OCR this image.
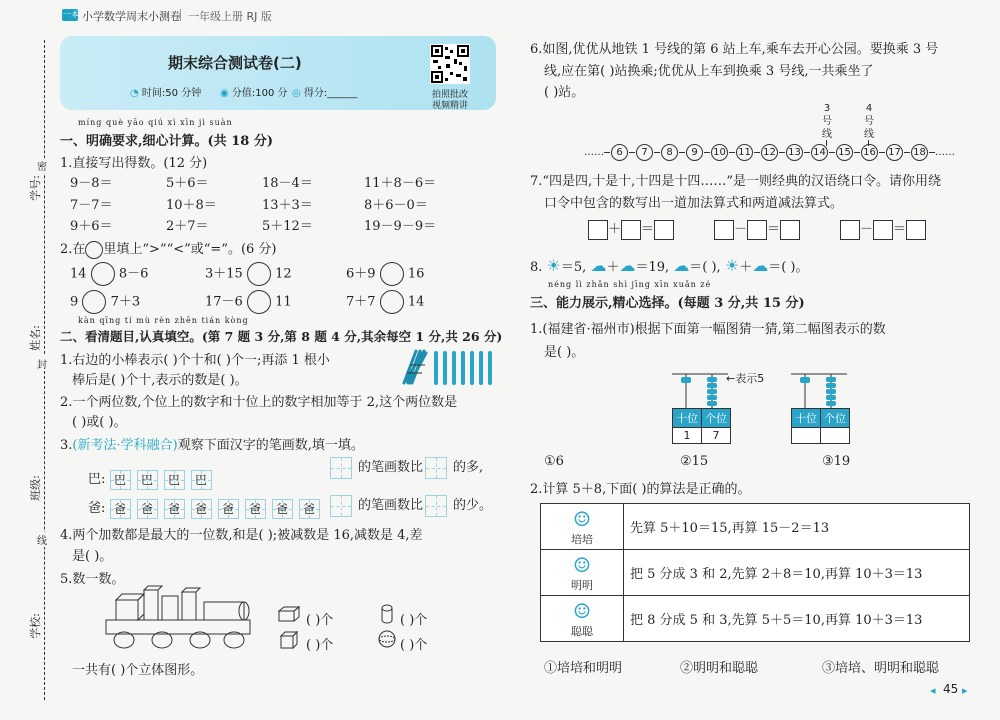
一本 小学数学周末小测卷 一年级上册 RJ 版
期末综合测试卷(二)
◔ 时间:50 分钟 ◉ 分值:100 分 ◎ 得分:______	拍照批改
视频精讲
学号:
姓名:
班级:
学校:
密
封
线
míng què yāo qiú xì xīn jì suàn
一、明确要求,细心计算。(共 18 分)
1.直接写出得数。(12 分)
9－8＝	5＋6＝	18－4＝	11＋8－6＝
7－7＝	10＋8＝	13＋3＝	8＋6－0＝
9＋6＝	2＋7＝	5＋12＝	19－9－9＝
2.在 里填上“>”“<”或“=”。(6 分)
14 8－6	3＋15 12	6＋9 16
9 7＋3	17－6 11	7＋7 14
kàn qīng tí mù rèn zhēn tián kòng
二、看清题目,认真填空。(第 7 题 3 分,第 8 题 4 分,其余每空 1 分,共 26 分)
1.右边的小棒表示( )个十和( )个一;再添 1 根小
棒后是( )个十,表示的数是( )。
2.一个两位数,个位上的数字和十位上的数字相加等于 2,这个两位数是
( )或( )。
3.(新考法·学科融合)观察下面汉字的笔画数,填一填。
巴: 巴 巴 巴 巴
爸: 爸 爸 爸 爸 爸 爸 爸 爸
的笔画数比 的多,
的笔画数比 的少。
4.两个加数都是最大的一位数,和是( );被减数是 16,减数是 4,差
是( )。
5.数一数。
( )个	( )个
( )个	( )个
一共有( )个立体图形。
6.如图,优优从地铁 1 号线的第 6 站上车,乘车去开心公园。要换乘 3 号
线,应在第( )站换乘;优优从上车到换乘 3 号线,一共乘坐了
( )站。
3
号
线
4
号
线
…… 6 7 8 9 10 11 12 13 14 15 16 17 18 ……
7.“四是四,十是十,十四是十四……”是一则经典的汉语绕口令。请你用绕
口令中包含的数写出一道加法算式和两道减法算式。
＋ ＝	－ ＝	－ ＝
8. ☀＝5, ☁＋☁＝19, ☁＝( ), ☀＋☁＝( )。
néng lì zhǎn shì jīng xīn xuǎn zé
三、能力展示,精心选择。(每题 3 分,共 15 分)
1.(福建省·福州市)根据下面第一幅图猜一猜,第二幅图表示的数
是( )。
←表示5
十位	个位
1	7
十位	个位

①6	②15	③19
2.计算 5＋8,下面( )的算法是正确的。
☺
培培	先算 5＋10＝15,再算 15－2＝13
☺
明明	把 5 分成 3 和 2,先算 2＋8＝10,再算 10＋3＝13
☺
聪聪	把 8 分成 5 和 3,先算 5＋5＝10,再算 10＋3＝13
①培培和明明	②明明和聪聪	③培培、明明和聪聪
◂ 45 ▸
